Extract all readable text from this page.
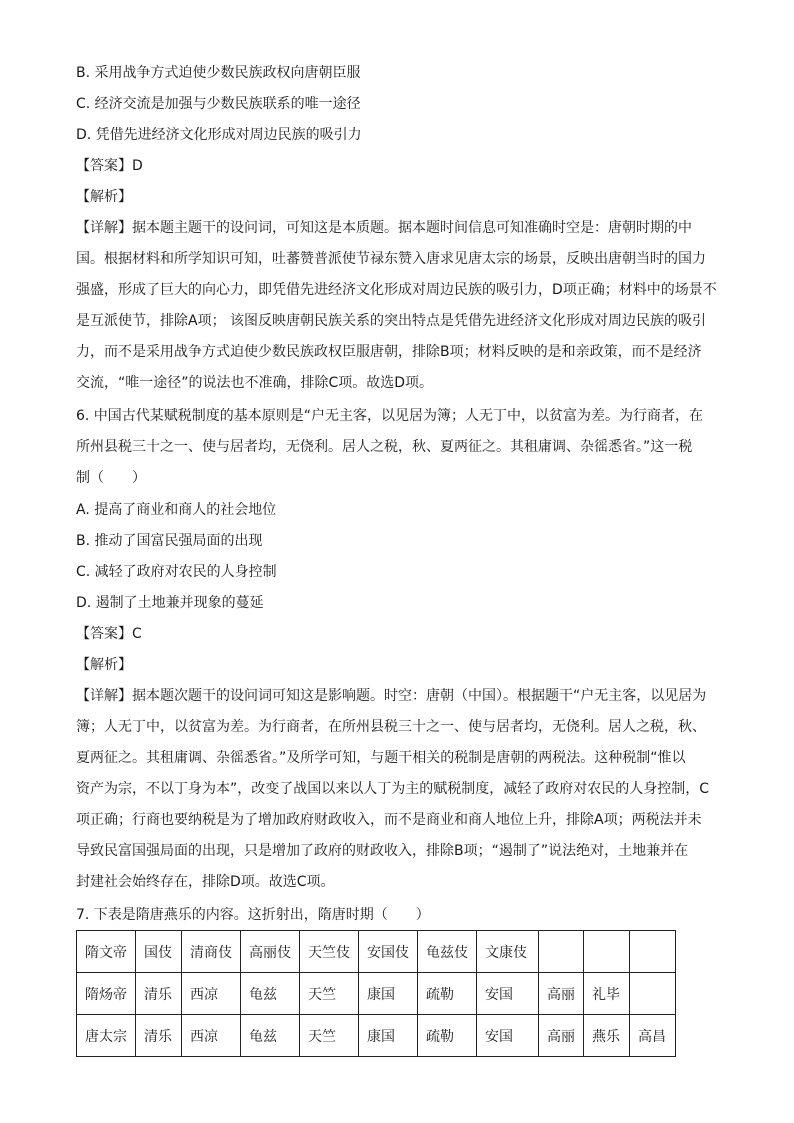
B. 采用战争方式迫使少数民族政权向唐朝臣服
C. 经济交流是加强与少数民族联系的唯一途径
D. 凭借先进经济文化形成对周边民族的吸引力
【答案】D
【解析】
【详解】据本题主题干的设问词，可知这是本质题。据本题时间信息可知准确时空是：唐朝时期的中
国。根据材料和所学知识可知，吐蕃赞普派使节禄东赞入唐求见唐太宗的场景，反映出唐朝当时的国力
强盛，形成了巨大的向心力，即凭借先进经济文化形成对周边民族的吸引力，D项正确；材料中的场景不
是互派使节，排除A项； 该图反映唐朝民族关系的突出特点是凭借先进经济文化形成对周边民族的吸引
力，而不是采用战争方式迫使少数民族政权臣服唐朝，排除B项；材料反映的是和亲政策，而不是经济
交流，“唯一途径”的说法也不准确，排除C项。故选D项。
6. 中国古代某赋税制度的基本原则是“户无主客，以见居为簿；人无丁中，以贫富为差。为行商者，在
所州县税三十之一、使与居者均，无侥利。居人之税，秋、夏两征之。其租庸调、杂徭悉省。”这一税
制（　　）
A. 提高了商业和商人的社会地位
B. 推动了国富民强局面的出现
C. 减轻了政府对农民的人身控制
D. 遏制了土地兼并现象的蔓延
【答案】C
【解析】
【详解】据本题次题干的设问词可知这是影响题。时空：唐朝（中国）。根据题干“户无主客，以见居为
簿；人无丁中，以贫富为差。为行商者，在所州县税三十之一、使与居者均，无侥利。居人之税，秋、
夏两征之。其租庸调、杂徭悉省。”及所学可知，与题干相关的税制是唐朝的两税法。这种税制“惟以
资产为宗，不以丁身为本”，改变了战国以来以人丁为主的赋税制度，减轻了政府对农民的人身控制，C
项正确；行商也要纳税是为了增加政府财政收入，而不是商业和商人地位上升，排除A项；两税法并未
导致民富国强局面的出现，只是增加了政府的财政收入，排除B项；“遏制了”说法绝对，土地兼并在
封建社会始终存在，排除D项。故选C项。
7. 下表是隋唐燕乐的内容。这折射出，隋唐时期（　　）
隋文帝	国伎	清商伎	高丽伎	天竺伎	安国伎	龟兹伎	文康伎			
隋炀帝	清乐	西凉	龟兹	天竺	康国	疏勒	安国	高丽	礼毕	
唐太宗	清乐	西凉	龟兹	天竺	康国	疏勒	安国	高丽	燕乐	高昌
